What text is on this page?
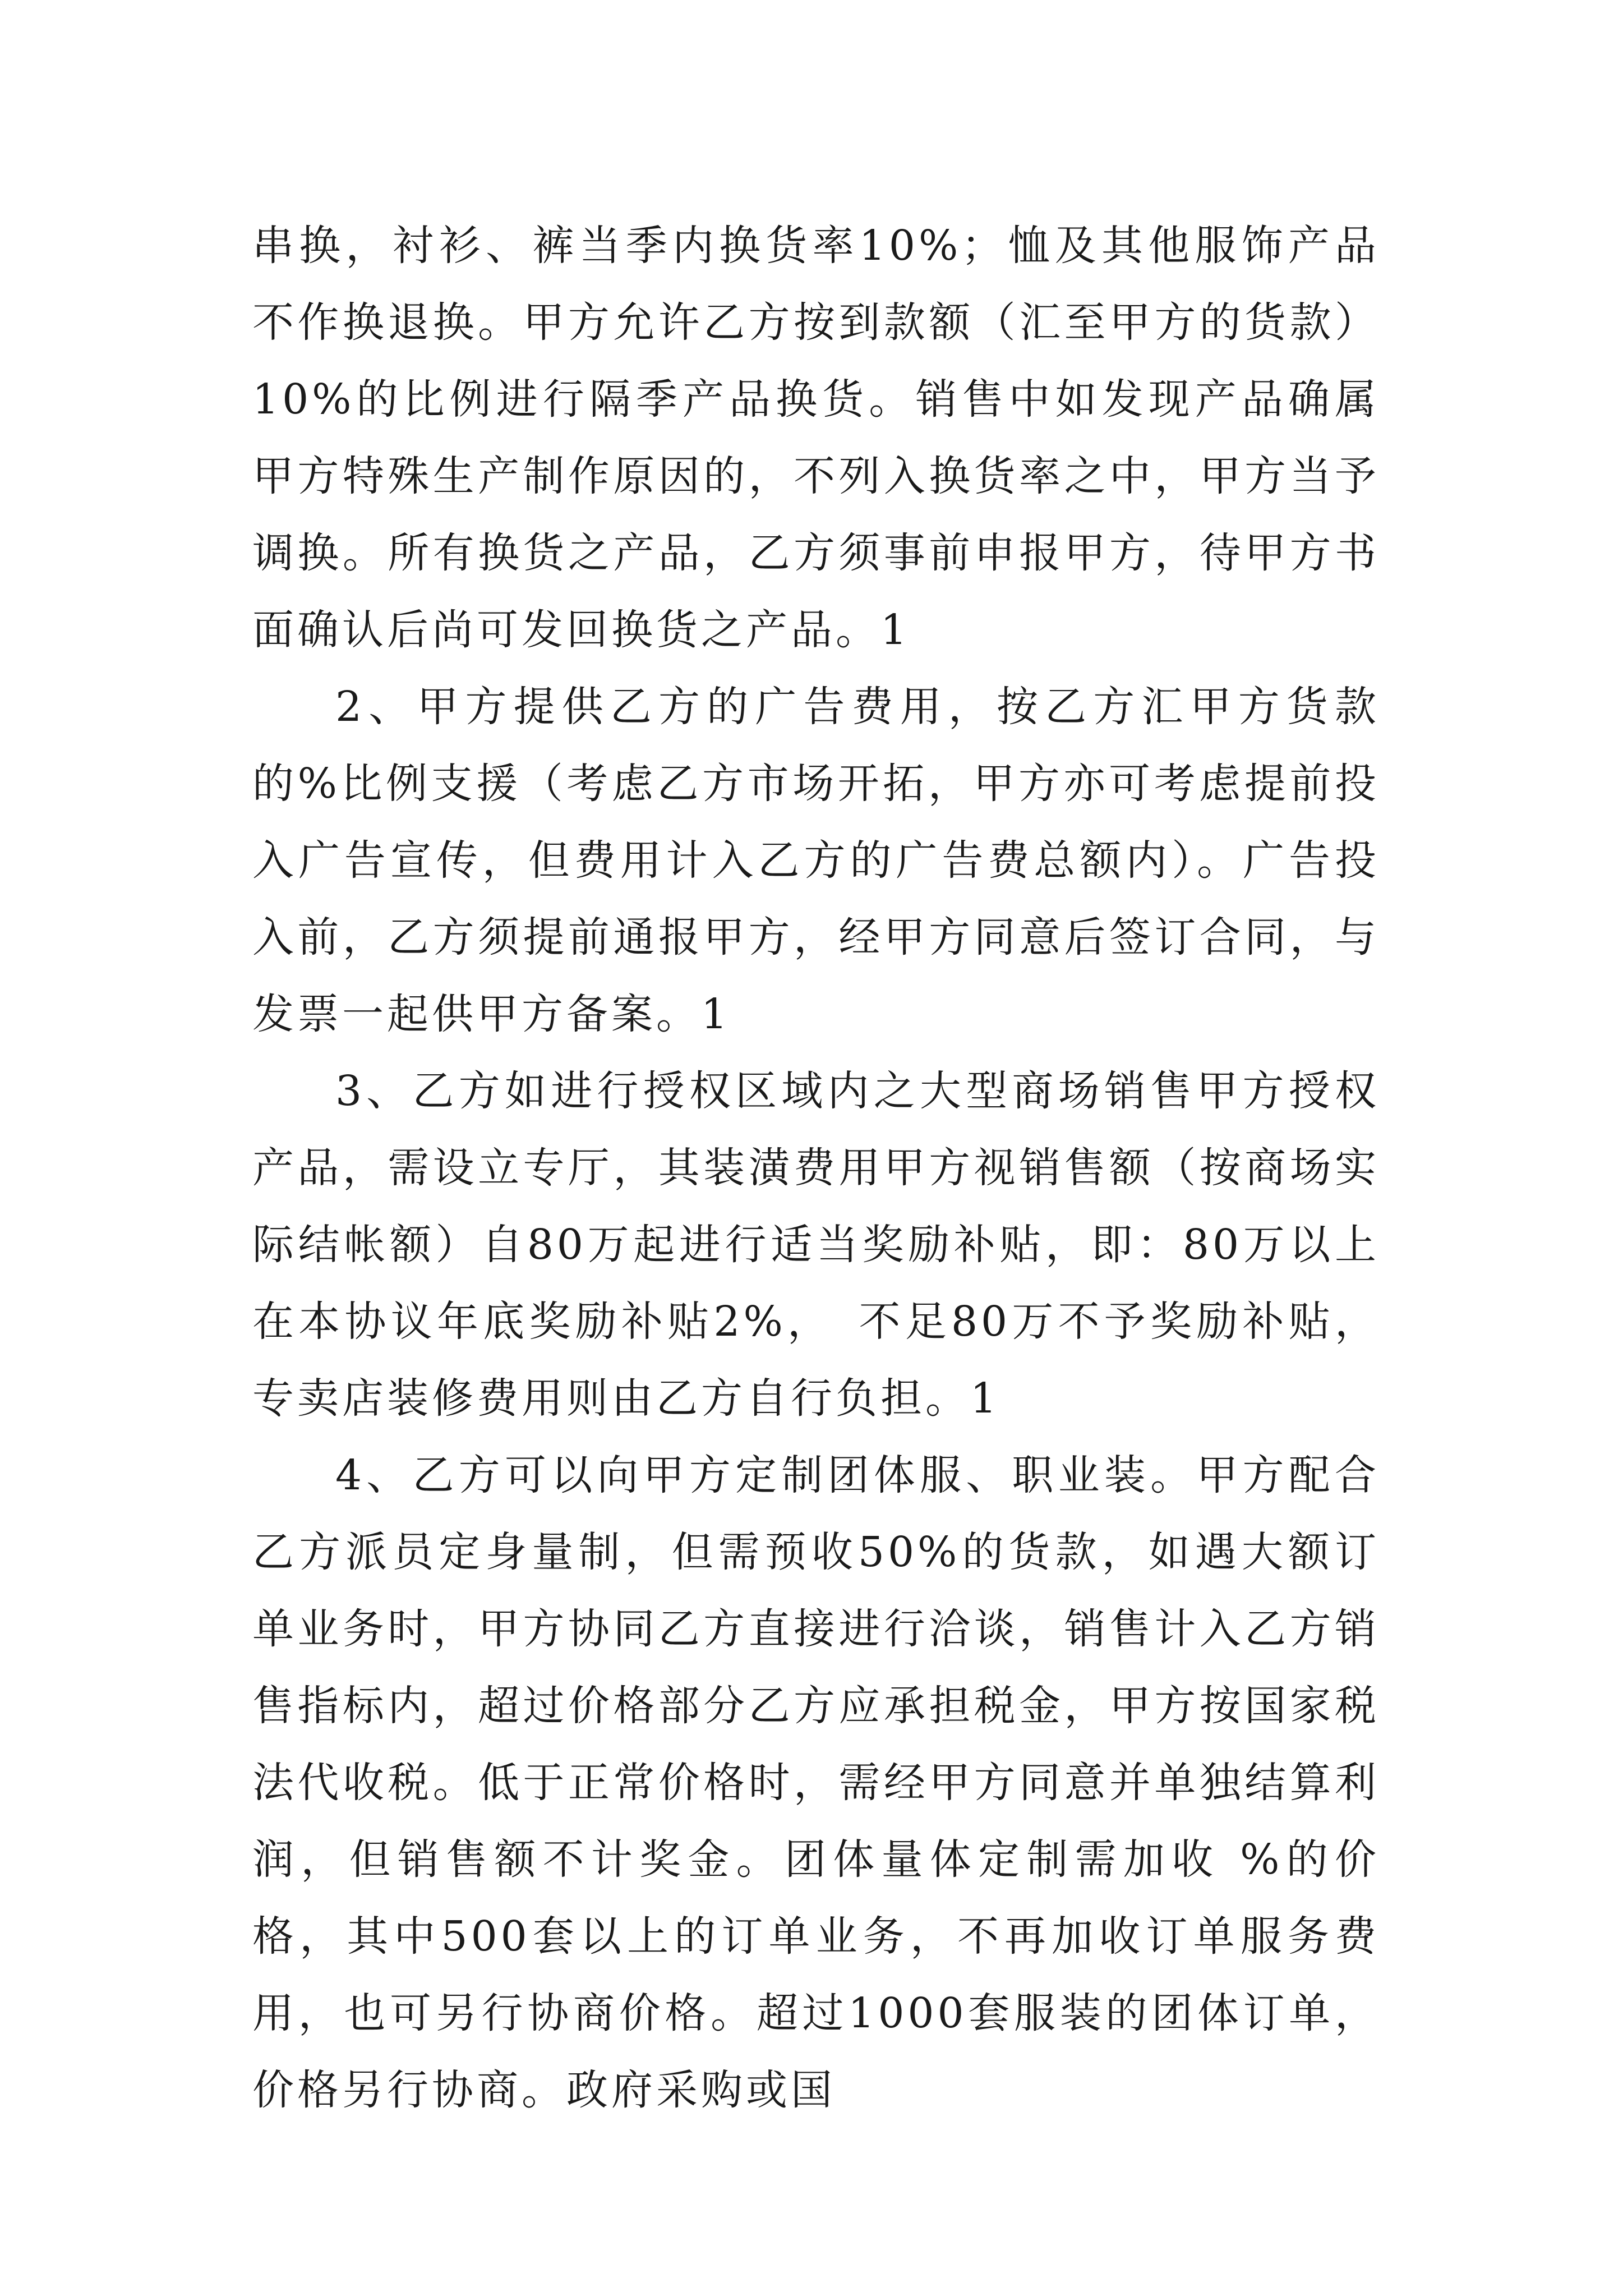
串换，衬衫、裤当季内换货率10%；恤及其他服饰产品不作换退换。甲方允许乙方按到款额（汇至甲方的货款）10%的比例进行隔季产品换货。销售中如发现产品确属甲方特殊生产制作原因的，不列入换货率之中，甲方当予调换。所有换货之产品，乙方须事前申报甲方，待甲方书面确认后尚可发回换货之产品。1

2、甲方提供乙方的广告费用，按乙方汇甲方货款的%比例支援（考虑乙方市场开拓，甲方亦可考虑提前投入广告宣传，但费用计入乙方的广告费总额内）。广告投入前，乙方须提前通报甲方，经甲方同意后签订合同，与发票一起供甲方备案。1

3、乙方如进行授权区域内之大型商场销售甲方授权产品，需设立专厅，其装潢费用甲方视销售额（按商场实际结帐额）自80万起进行适当奖励补贴，即：80万以上在本协议年底奖励补贴2%，　不足80万不予奖励补贴，专卖店装修费用则由乙方自行负担。1

4、乙方可以向甲方定制团体服、职业装。甲方配合乙方派员定身量制，但需预收50%的货款，如遇大额订单业务时，甲方协同乙方直接进行洽谈，销售计入乙方销售指标内，超过价格部分乙方应承担税金，甲方按国家税法代收税。低于正常价格时，需经甲方同意并单独结算利润，但销售额不计奖金。团体量体定制需加收 %的价格，其中500套以上的订单业务，不再加收订单服务费用，也可另行协商价格。超过1000套服装的团体订单，价格另行协商。政府采购或国
